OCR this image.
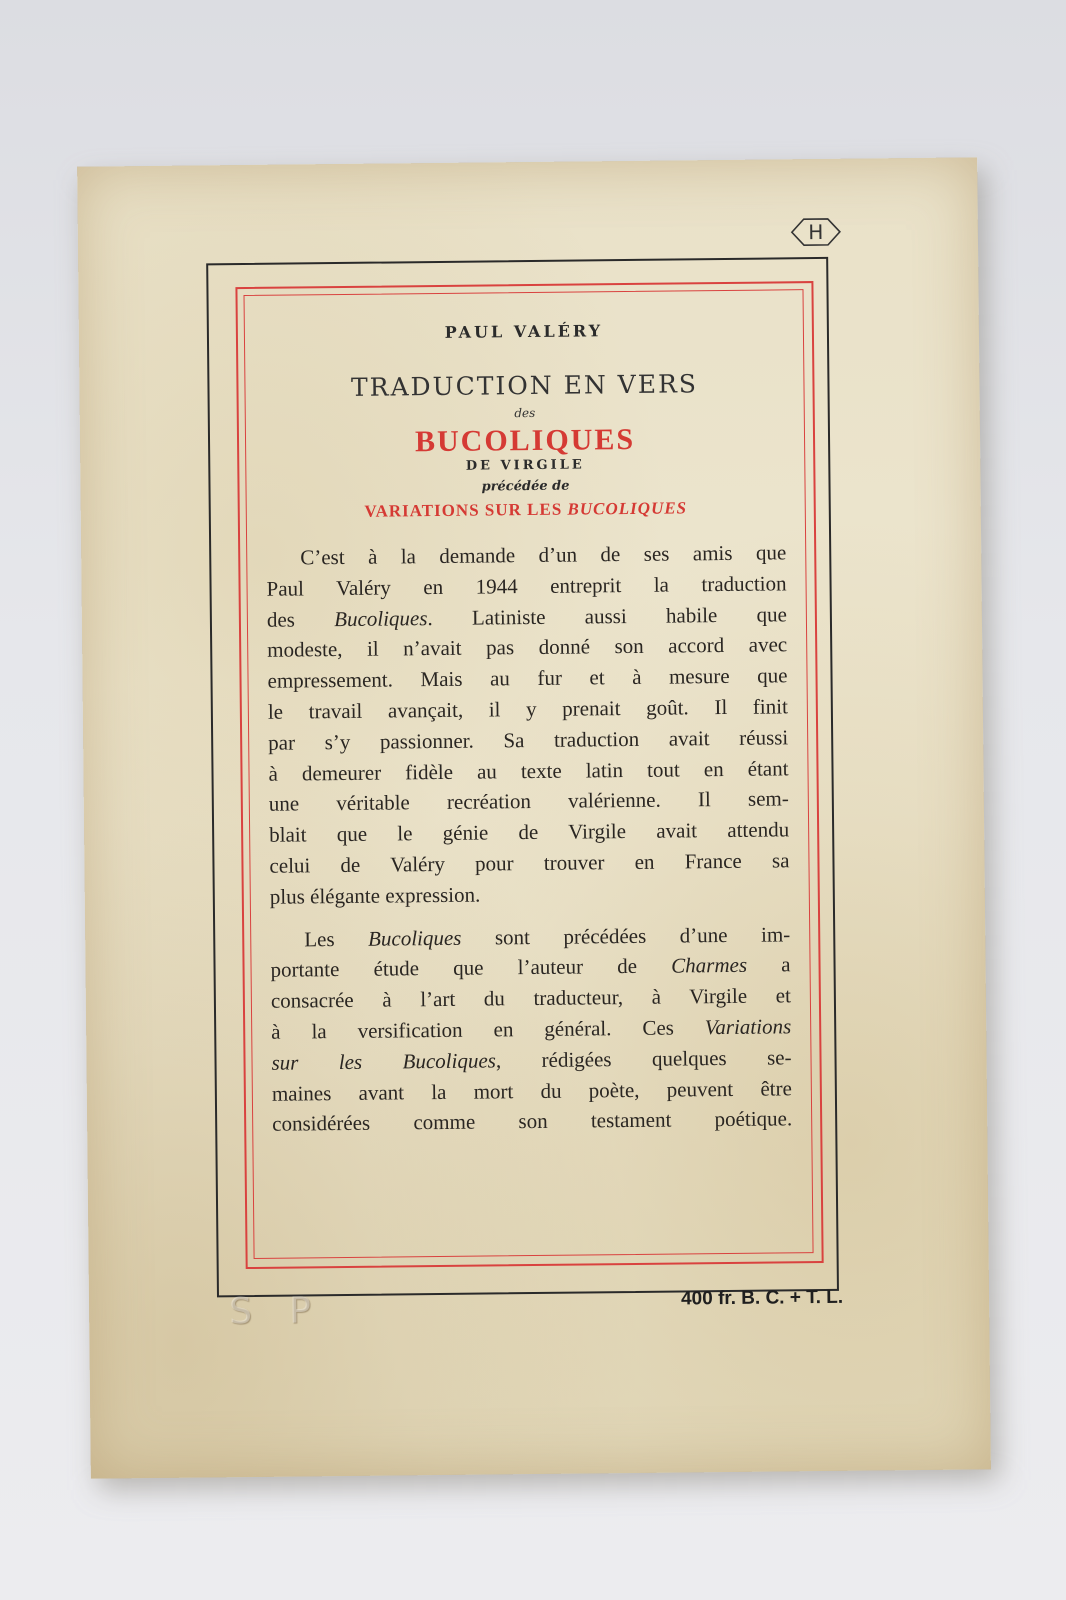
H
PAUL VALÉRY
TRADUCTION EN VERS
des
BUCOLIQUES
DE VIRGILE
précédée de
VARIATIONS SUR LES BUCOLIQUES
C’est à la demande d’un de ses amis que
Paul Valéry en 1944 entreprit la traduction
des Bucoliques. Latiniste aussi habile que
modeste, il n’avait pas donné son accord avec
empressement. Mais au fur et à mesure que
le travail avançait, il y prenait goût. Il finit
par s’y passionner. Sa traduction avait réussi
à demeurer fidèle au texte latin tout en étant
une véritable recréation valérienne. Il sem-
blait que le génie de Virgile avait attendu
celui de Valéry pour trouver en France sa
plus élégante expression.
Les Bucoliques sont précédées d’une im-
portante étude que l’auteur de Charmes a
consacrée à l’art du traducteur, à Virgile et
à la versification en général. Ces Variations
sur les Bucoliques, rédigées quelques se-
maines avant la mort du poète, peuvent être
considérées comme son testament poétique.
S P	400 fr. B. C. + T. L.
